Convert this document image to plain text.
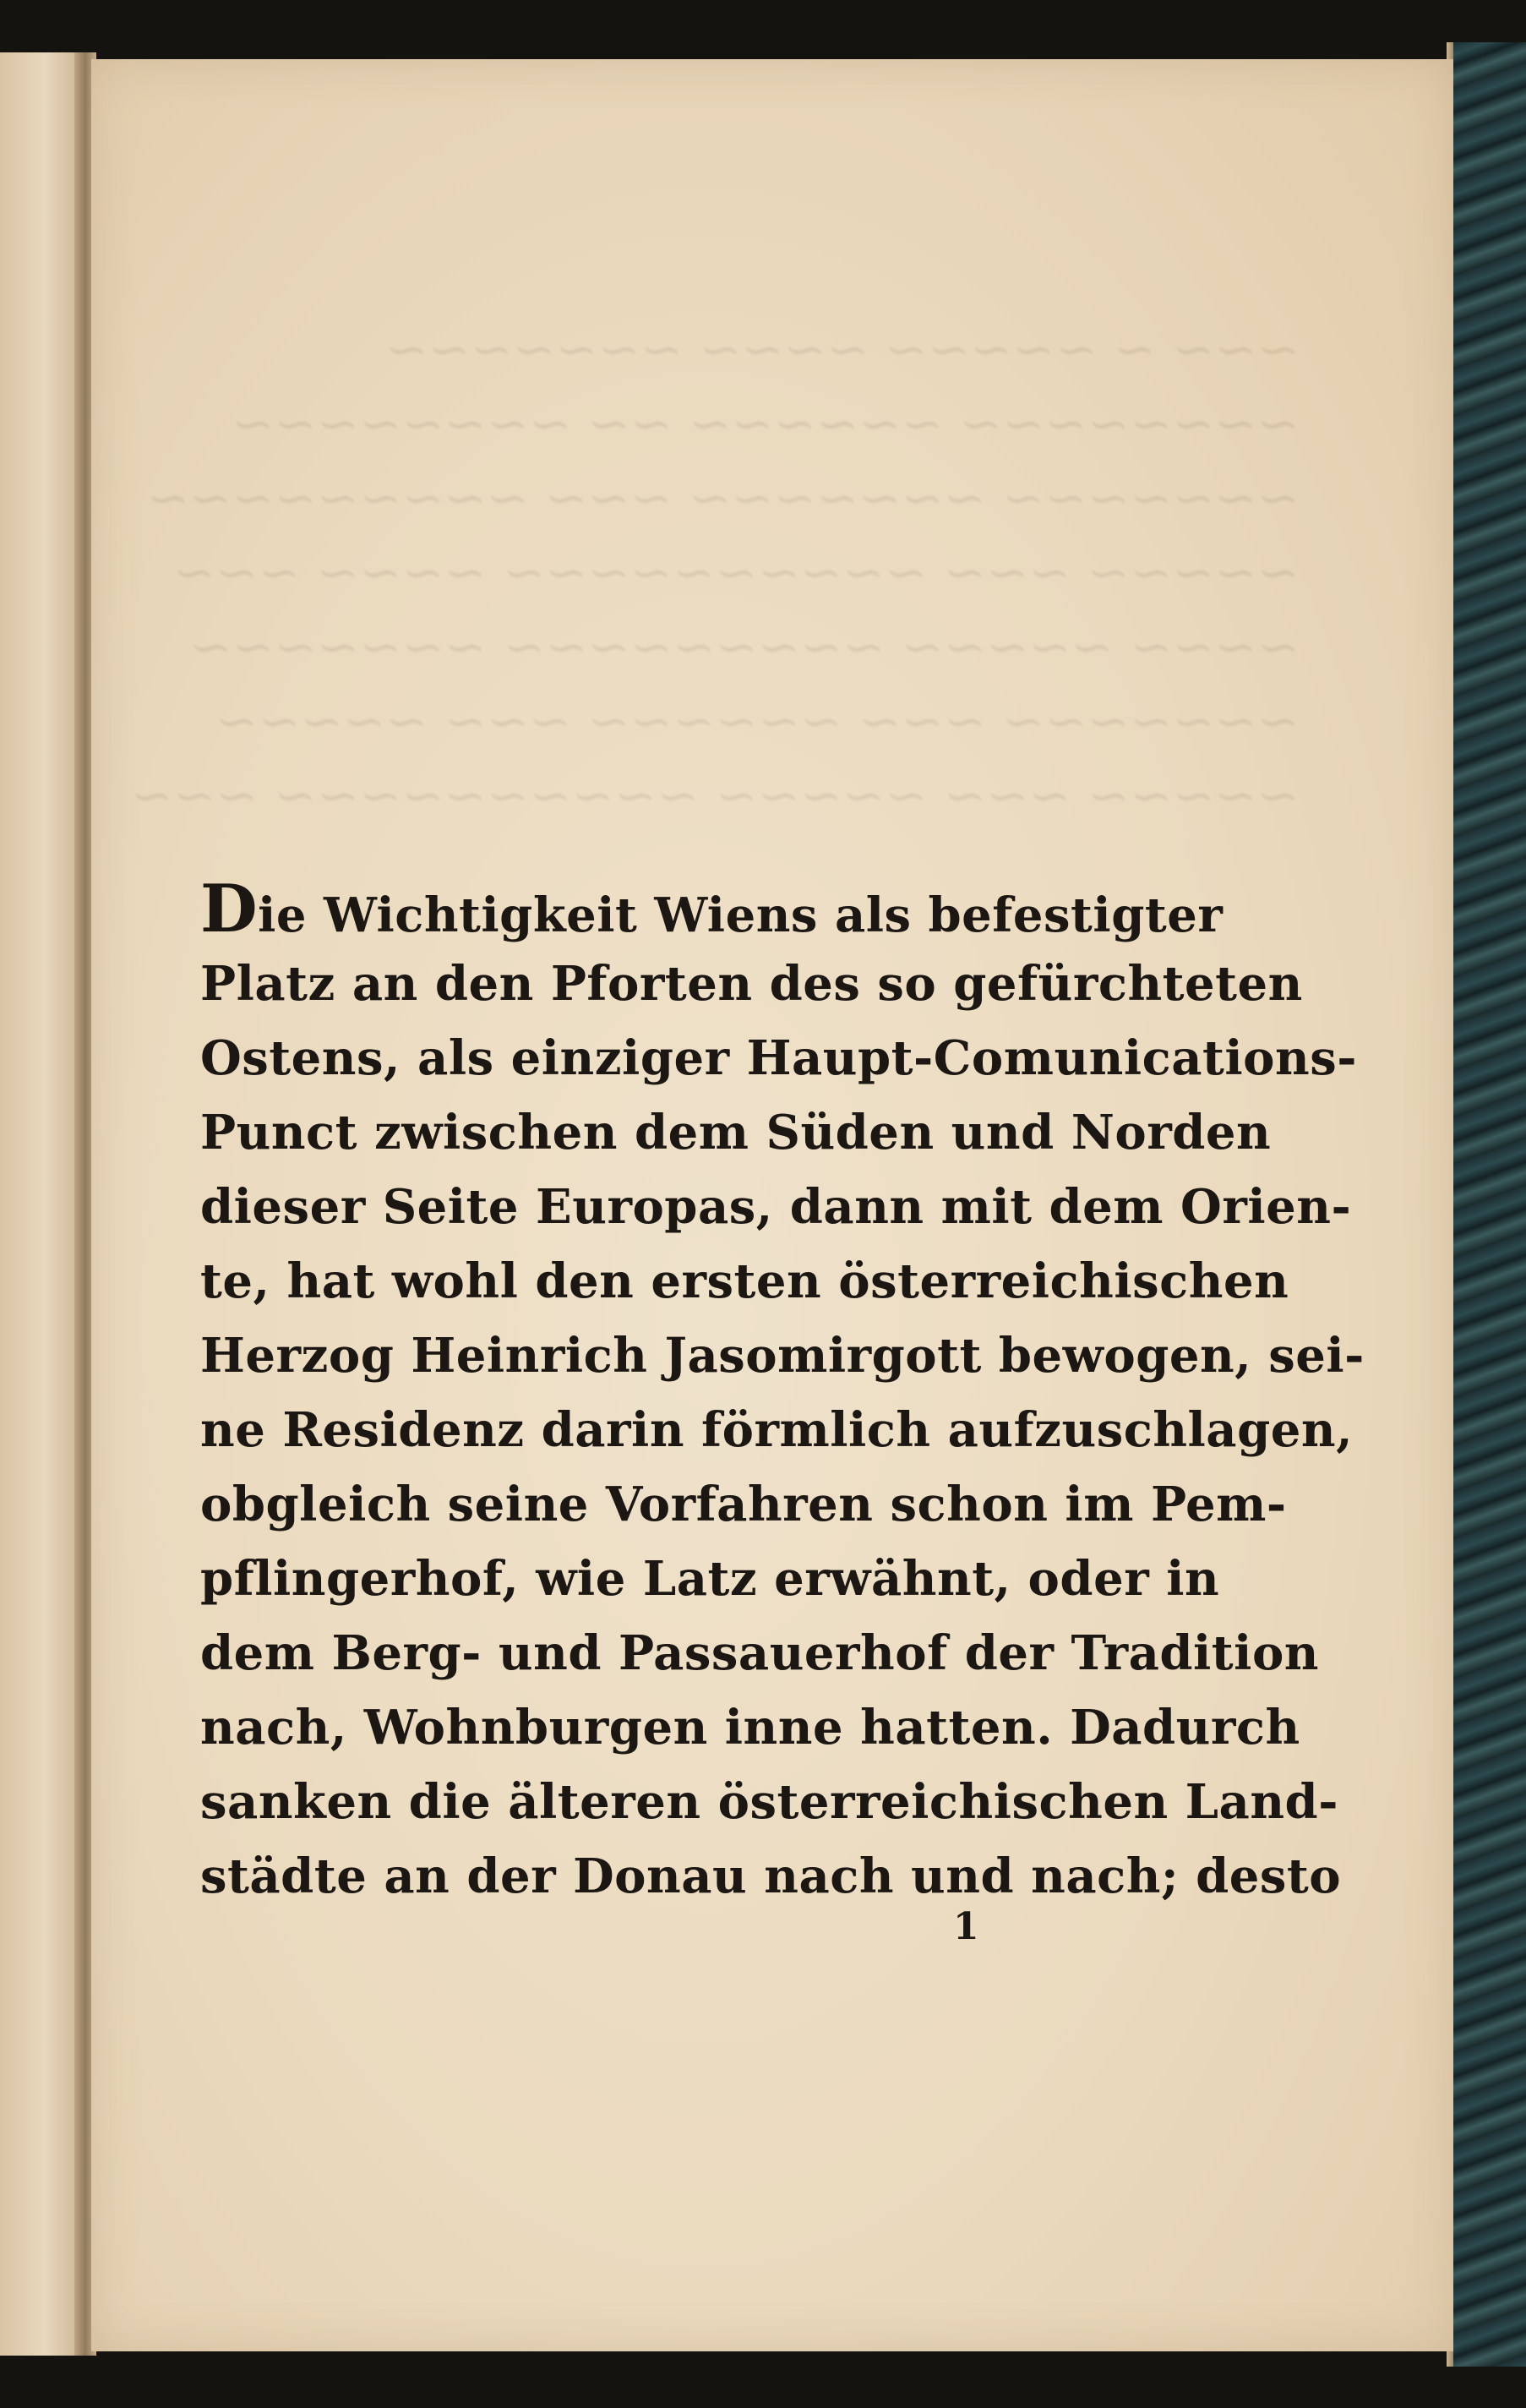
~~~ ~ ~~~~~ ~~~~ ~~~~~~~
~~~~~~~~ ~~~~~~ ~~ ~~~~~~~~
~~~~~~~ ~~~~~~~ ~~~ ~~~~~~~~~
~~~~~ ~~~ ~~~~~~~~~~ ~~~~ ~~~
~~~~ ~~~~~ ~~~~~~~~~ ~~~~~~~
~~~~~~~ ~~~ ~~~~~~ ~~~ ~~~~~
~~~~~ ~~~ ~~~~~ ~~~~~~~~~~ ~~~
Die Wichtigkeit Wiens als befestigter
Platz an den Pforten des so gefürchteten
Ostens, als einziger Haupt-Comunications-
Punct zwischen dem Süden und Norden
dieser Seite Europas, dann mit dem Orien-
te, hat wohl den ersten österreichischen
Herzog Heinrich Jasomirgott bewogen, sei-
ne Residenz darin förmlich aufzuschlagen,
obgleich seine Vorfahren schon im Pem-
pflingerhof, wie Latz erwähnt, oder in
dem Berg- und Passauerhof der Tradition
nach, Wohnburgen inne hatten. Dadurch
sanken die älteren österreichischen Land-
städte an der Donau nach und nach; desto
1
